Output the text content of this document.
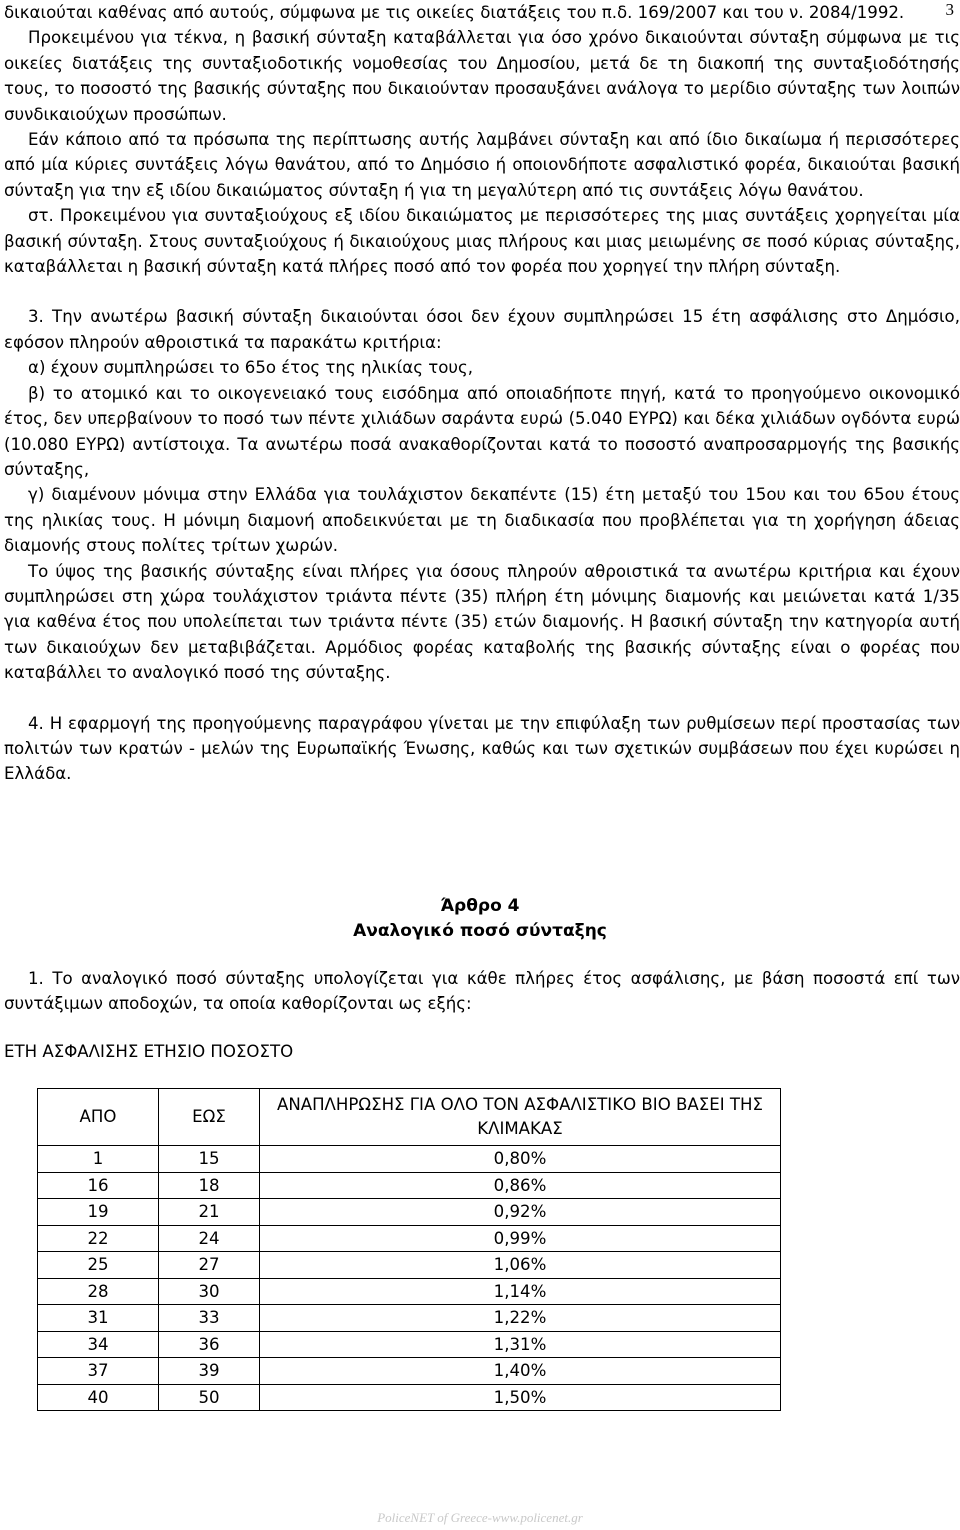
3

δικαιούται καθένας από αυτούς, σύμφωνα με τις οικείες διατάξεις του π.δ. 169/2007 και του ν. 2084/1992.

Προκειμένου για τέκνα, η βασική σύνταξη καταβάλλεται για όσο χρόνο δικαιούνται σύνταξη σύμφωνα με τις οικείες διατάξεις της συνταξιοδοτικής νομοθεσίας του Δημοσίου, μετά δε τη διακοπή της συνταξιοδότησής τους, το ποσοστό της βασικής σύνταξης που δικαιούνταν προσαυξάνει ανάλογα το μερίδιο σύνταξης των λοιπών συνδικαιούχων προσώπων.

Εάν κάποιο από τα πρόσωπα της περίπτωσης αυτής λαμβάνει σύνταξη και από ίδιο δικαίωμα ή περισσότερες από μία κύριες συντάξεις λόγω θανάτου, από το Δημόσιο ή οποιονδήποτε ασφαλιστικό φορέα, δικαιούται βασική σύνταξη για την εξ ιδίου δικαιώματος σύνταξη ή για τη μεγαλύτερη από τις συντάξεις λόγω θανάτου.

στ. Προκειμένου για συνταξιούχους εξ ιδίου δικαιώματος με περισσότερες της μιας συντάξεις χορηγείται μία βασική σύνταξη. Στους συνταξιούχους ή δικαιούχους μιας πλήρους και μιας μειωμένης σε ποσό κύριας σύνταξης, καταβάλλεται η βασική σύνταξη κατά πλήρες ποσό από τον φορέα που χορηγεί την πλήρη σύνταξη.

3. Την ανωτέρω βασική σύνταξη δικαιούνται όσοι δεν έχουν συμπληρώσει 15 έτη ασφάλισης στο Δημόσιο, εφόσον πληρούν αθροιστικά τα παρακάτω κριτήρια:

α) έχουν συμπληρώσει το 65ο έτος της ηλικίας τους,

β) το ατομικό και το οικογενειακό τους εισόδημα από οποιαδήποτε πηγή, κατά το προηγούμενο οικονομικό έτος, δεν υπερβαίνουν το ποσό των πέντε χιλιάδων σαράντα ευρώ (5.040 ΕΥΡΩ) και δέκα χιλιάδων ογδόντα ευρώ (10.080 ΕΥΡΩ) αντίστοιχα. Τα ανωτέρω ποσά ανακαθορίζονται κατά το ποσοστό αναπροσαρμογής της βασικής σύνταξης,

γ) διαμένουν μόνιμα στην Ελλάδα για τουλάχιστον δεκαπέντε (15) έτη μεταξύ του 15ου και του 65ου έτους της ηλικίας τους. Η μόνιμη διαμονή αποδεικνύεται με τη διαδικασία που προβλέπεται για τη χορήγηση άδειας διαμονής στους πολίτες τρίτων χωρών.

Το ύψος της βασικής σύνταξης είναι πλήρες για όσους πληρούν αθροιστικά τα ανωτέρω κριτήρια και έχουν συμπληρώσει στη χώρα τουλάχιστον τριάντα πέντε (35) πλήρη έτη μόνιμης διαμονής και μειώνεται κατά 1/35 για καθένα έτος που υπολείπεται των τριάντα πέντε (35) ετών διαμονής. Η βασική σύνταξη την κατηγορία αυτή των δικαιούχων δεν μεταβιβάζεται. Αρμόδιος φορέας καταβολής της βασικής σύνταξης είναι ο φορέας που καταβάλλει το αναλογικό ποσό της σύνταξης.

4. Η εφαρμογή της προηγούμενης παραγράφου γίνεται με την επιφύλαξη των ρυθμίσεων περί προστασίας των πολιτών των κρατών - μελών της Ευρωπαϊκής Ένωσης, καθώς και των σχετικών συμβάσεων που έχει κυρώσει η Ελλάδα.

Άρθρο 4
Αναλογικό ποσό σύνταξης

1. Το αναλογικό ποσό σύνταξης υπολογίζεται για κάθε πλήρες έτος ασφάλισης, με βάση ποσοστά επί των συντάξιμων αποδοχών, τα οποία καθορίζονται ως εξής:

ΕΤΗ ΑΣΦΑΛΙΣΗΣ ΕΤΗΣΙΟ ΠΟΣΟΣΤΟ
ΑΠΟ	ΕΩΣ	ΑΝΑΠΛΗΡΩΣΗΣ ΓΙΑ ΟΛΟ ΤΟΝ ΑΣΦΑΛΙΣΤΙΚΟ ΒΙΟ ΒΑΣΕΙ ΤΗΣ ΚΛΙΜΑΚΑΣ
1	15	0,80%
16	18	0,86%
19	21	0,92%
22	24	0,99%
25	27	1,06%
28	30	1,14%
31	33	1,22%
34	36	1,31%
37	39	1,40%
40	50	1,50%
PoliceNET of Greece-www.policenet.gr
